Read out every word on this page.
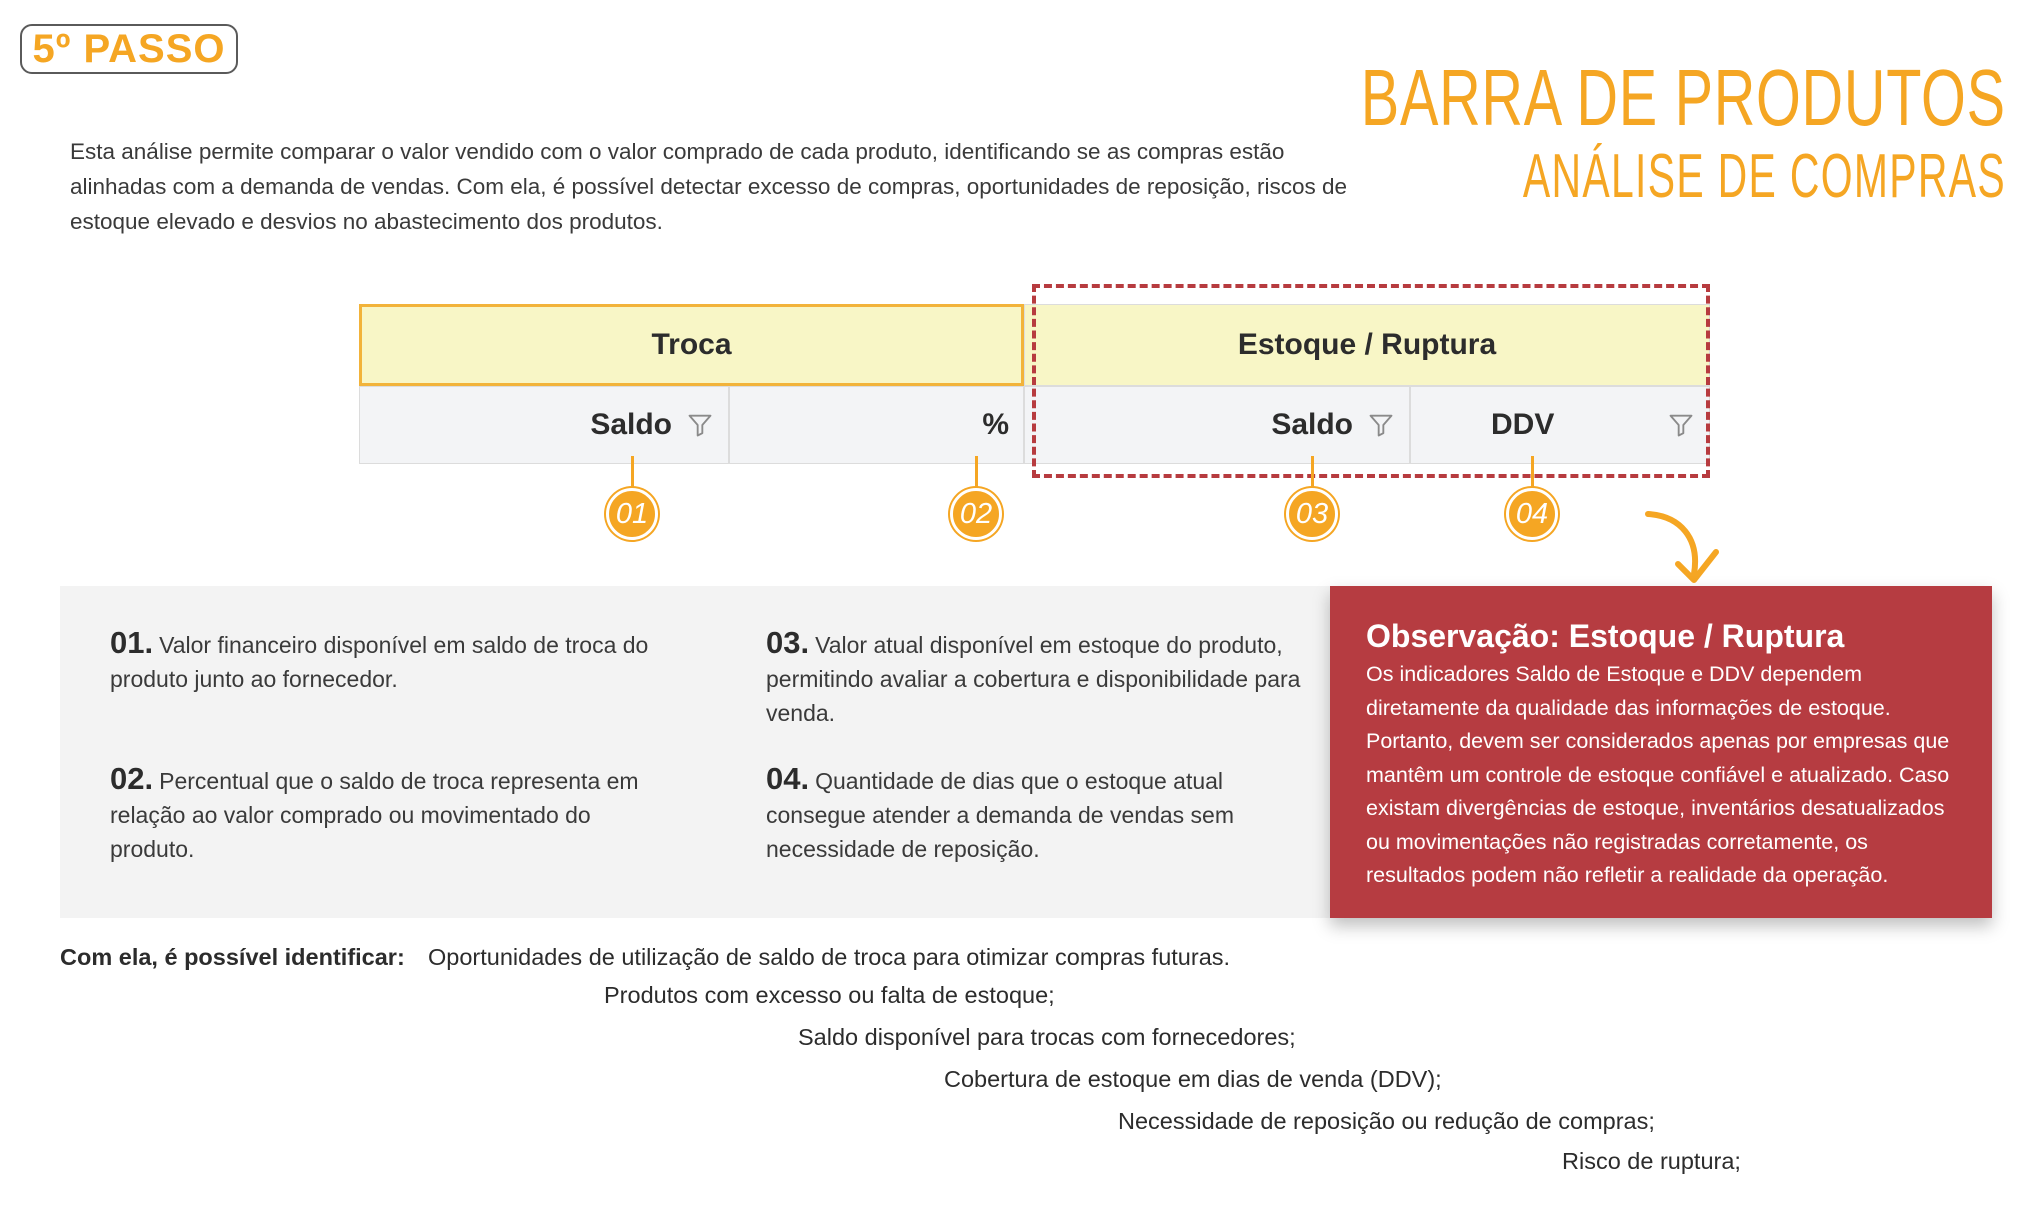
5º PASSO
BARRA DE PRODUTOS
ANÁLISE DE COMPRAS
Esta análise permite comparar o valor vendido com o valor comprado de cada produto, identificando se as compras estão alinhadas com a demanda de vendas. Com ela, é possível detectar excesso de compras, oportunidades de reposição, riscos de estoque elevado e desvios no abastecimento dos produtos.
Troca	Estoque / Ruptura
Saldo	%	Saldo	DDV
01	02	03	04
01. Valor financeiro disponível em saldo de troca do produto junto ao fornecedor.
02. Percentual que o saldo de troca representa em relação ao valor comprado ou movimentado do produto.
03. Valor atual disponível em estoque do produto, permitindo avaliar a cobertura e disponibilidade para venda.
04. Quantidade de dias que o estoque atual consegue atender a demanda de vendas sem necessidade de reposição.
Observação: Estoque / Ruptura
Os indicadores Saldo de Estoque e DDV dependem diretamente da qualidade das informações de estoque. Portanto, devem ser considerados apenas por empresas que mantêm um controle de estoque confiável e atualizado. Caso existam divergências de estoque, inventários desatualizados ou movimentações não registradas corretamente, os resultados podem não refletir a realidade da operação.
Com ela, é possível identificar: Oportunidades de utilização de saldo de troca para otimizar compras futuras.
Produtos com excesso ou falta de estoque;
Saldo disponível para trocas com fornecedores;
Cobertura de estoque em dias de venda (DDV);
Necessidade de reposição ou redução de compras;
Risco de ruptura;
